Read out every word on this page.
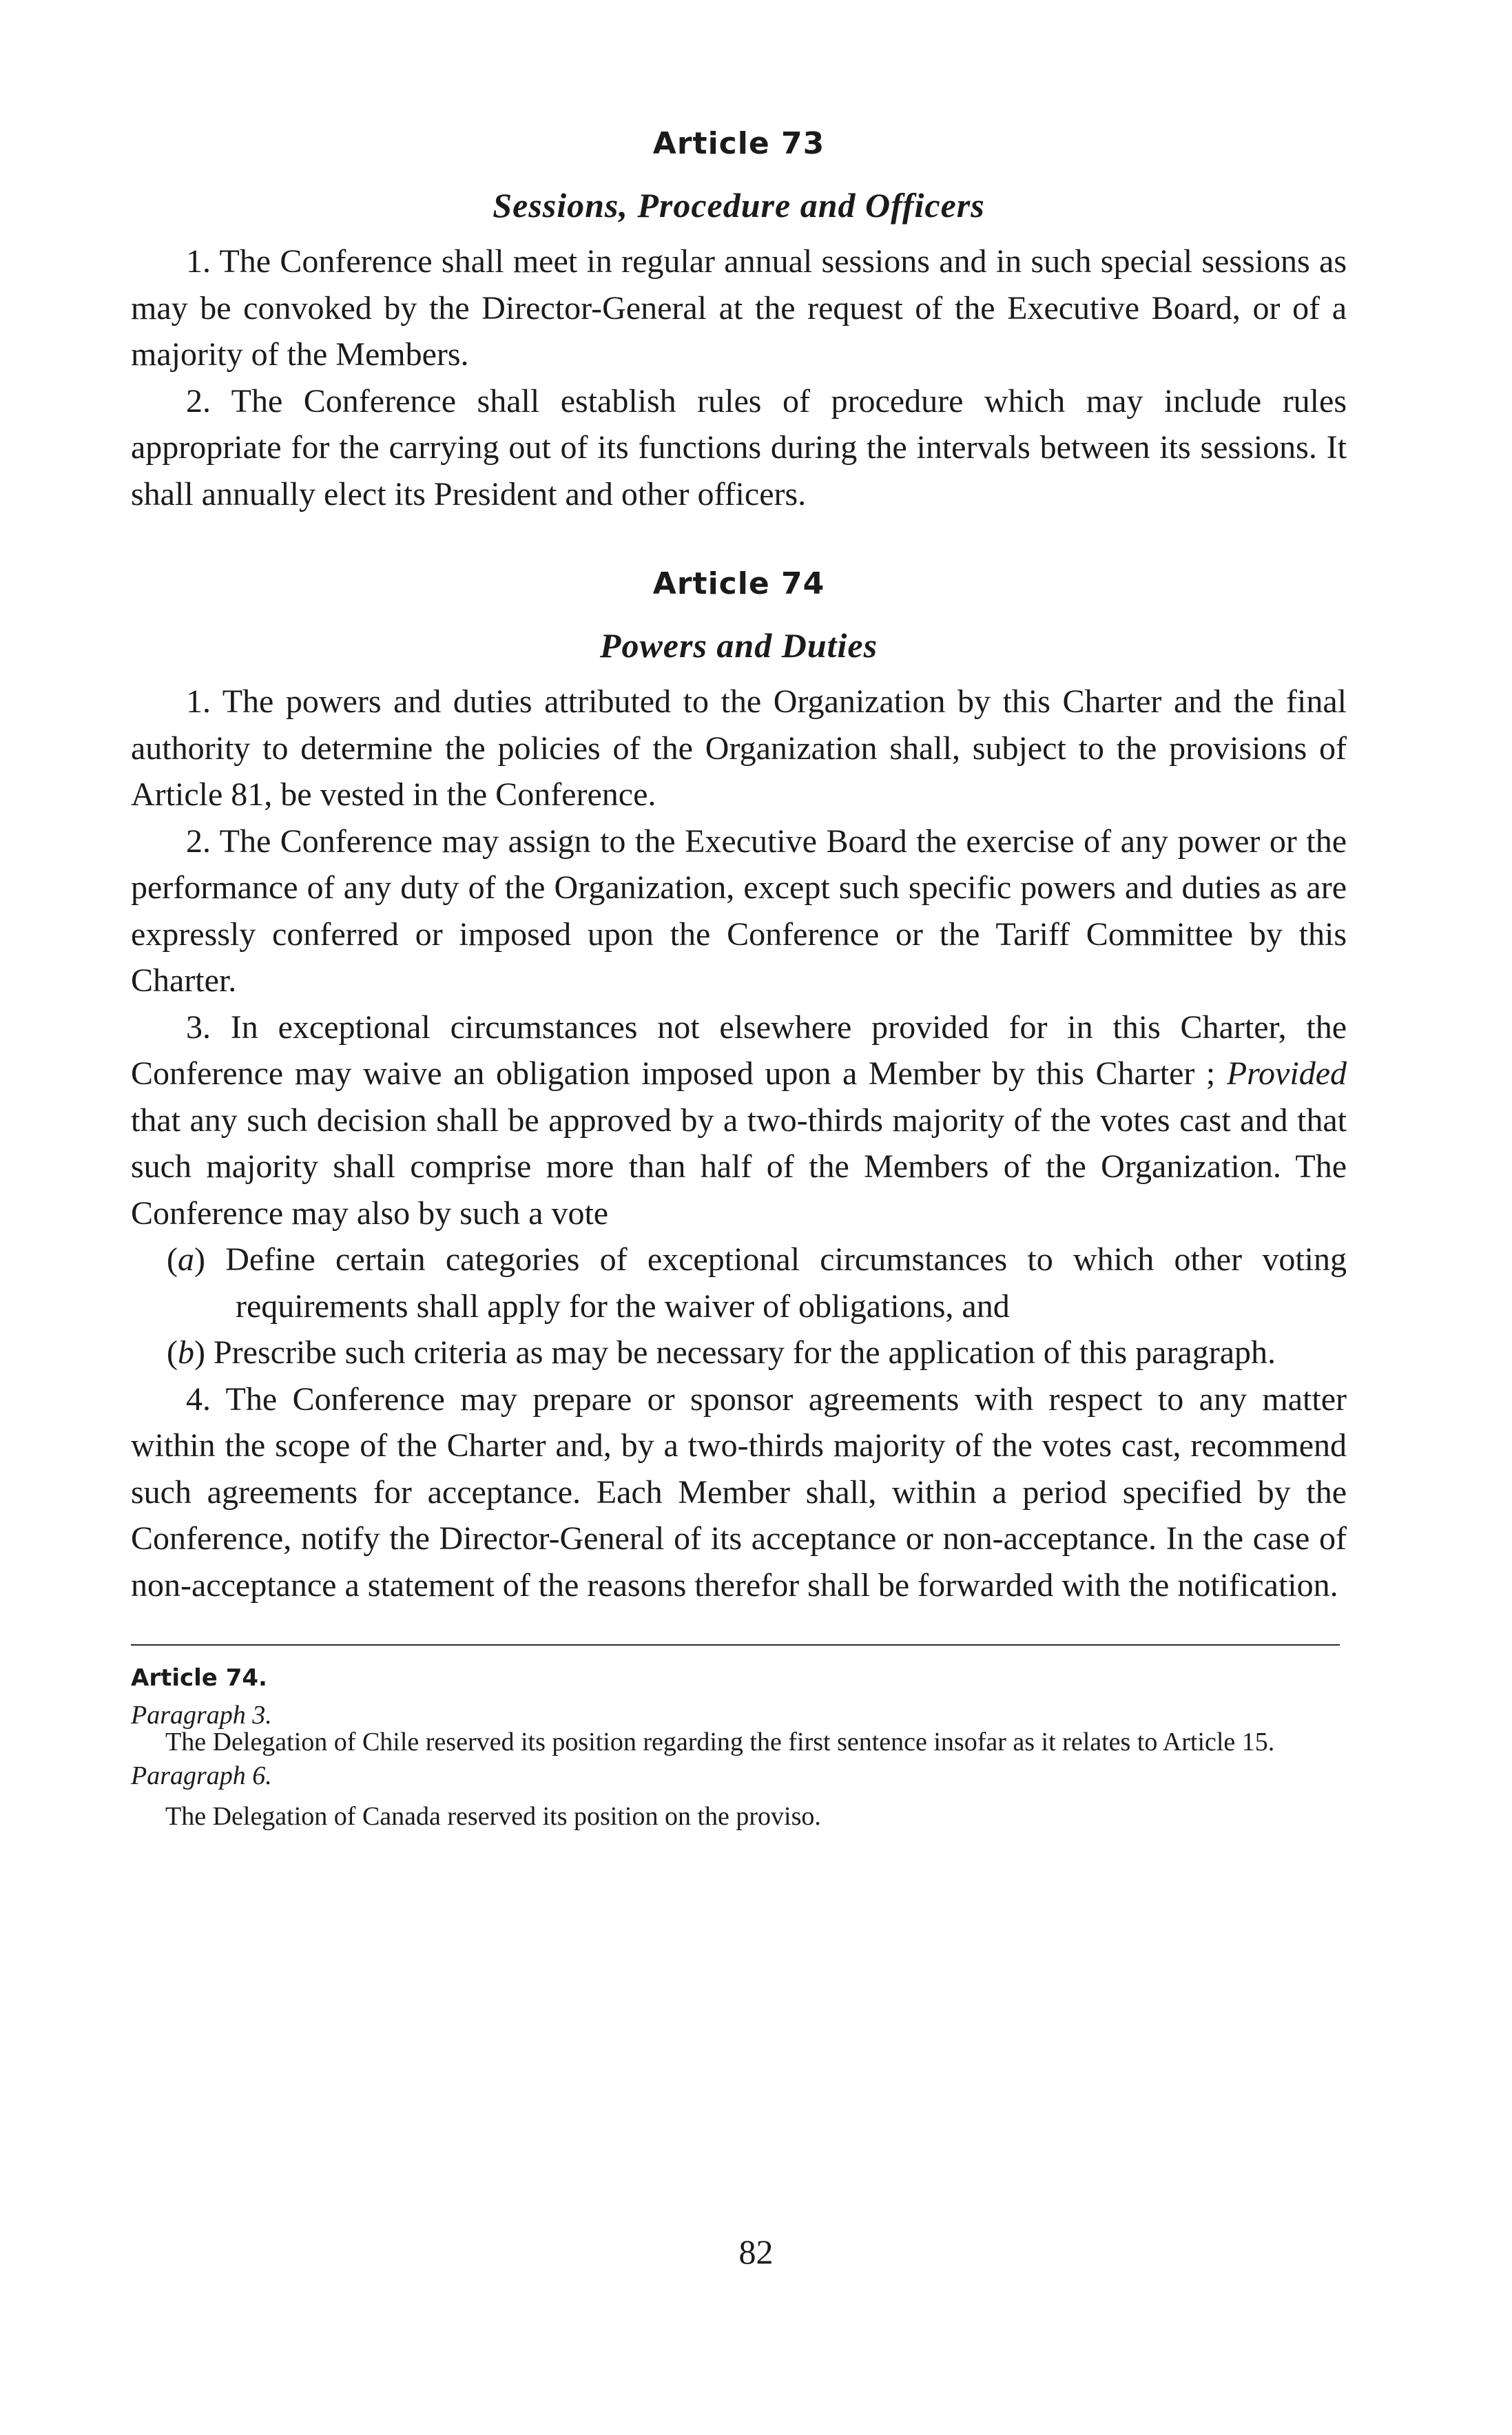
Article 73
Sessions, Procedure and Officers

1. The Conference shall meet in regular annual sessions and in such special sessions as may be convoked by the Director-General at the request of the Executive Board, or of a majority of the Members.

2. The Conference shall establish rules of procedure which may include rules appropriate for the carrying out of its functions during the intervals between its sessions. It shall annually elect its President and other officers.

Article 74
Powers and Duties

1. The powers and duties attributed to the Organization by this Charter and the final authority to determine the policies of the Organization shall, subject to the provisions of Article 81, be vested in the Conference.

2. The Conference may assign to the Executive Board the exercise of any power or the performance of any duty of the Organization, except such specific powers and duties as are expressly conferred or imposed upon the Conference or the Tariff Committee by this Charter.

3. In exceptional circumstances not elsewhere provided for in this Charter, the Conference may waive an obligation imposed upon a Member by this Charter ; Provided that any such decision shall be approved by a two-thirds majority of the votes cast and that such majority shall comprise more than half of the Members of the Organization. The Conference may also by such a vote

(a) Define certain categories of exceptional circumstances to which other voting requirements shall apply for the waiver of obligations, and

(b) Prescribe such criteria as may be necessary for the application of this paragraph.

4. The Conference may prepare or sponsor agreements with respect to any matter within the scope of the Charter and, by a two-thirds majority of the votes cast, recommend such agreements for acceptance. Each Member shall, within a period specified by the Conference, notify the Director-General of its acceptance or non-acceptance. In the case of non-acceptance a statement of the reasons therefor shall be forwarded with the notification.

Article 74.
Paragraph 3.

The Delegation of Chile reserved its position regarding the first sentence insofar as it relates to Article 15.

Paragraph 6.

The Delegation of Canada reserved its position on the proviso.

82
